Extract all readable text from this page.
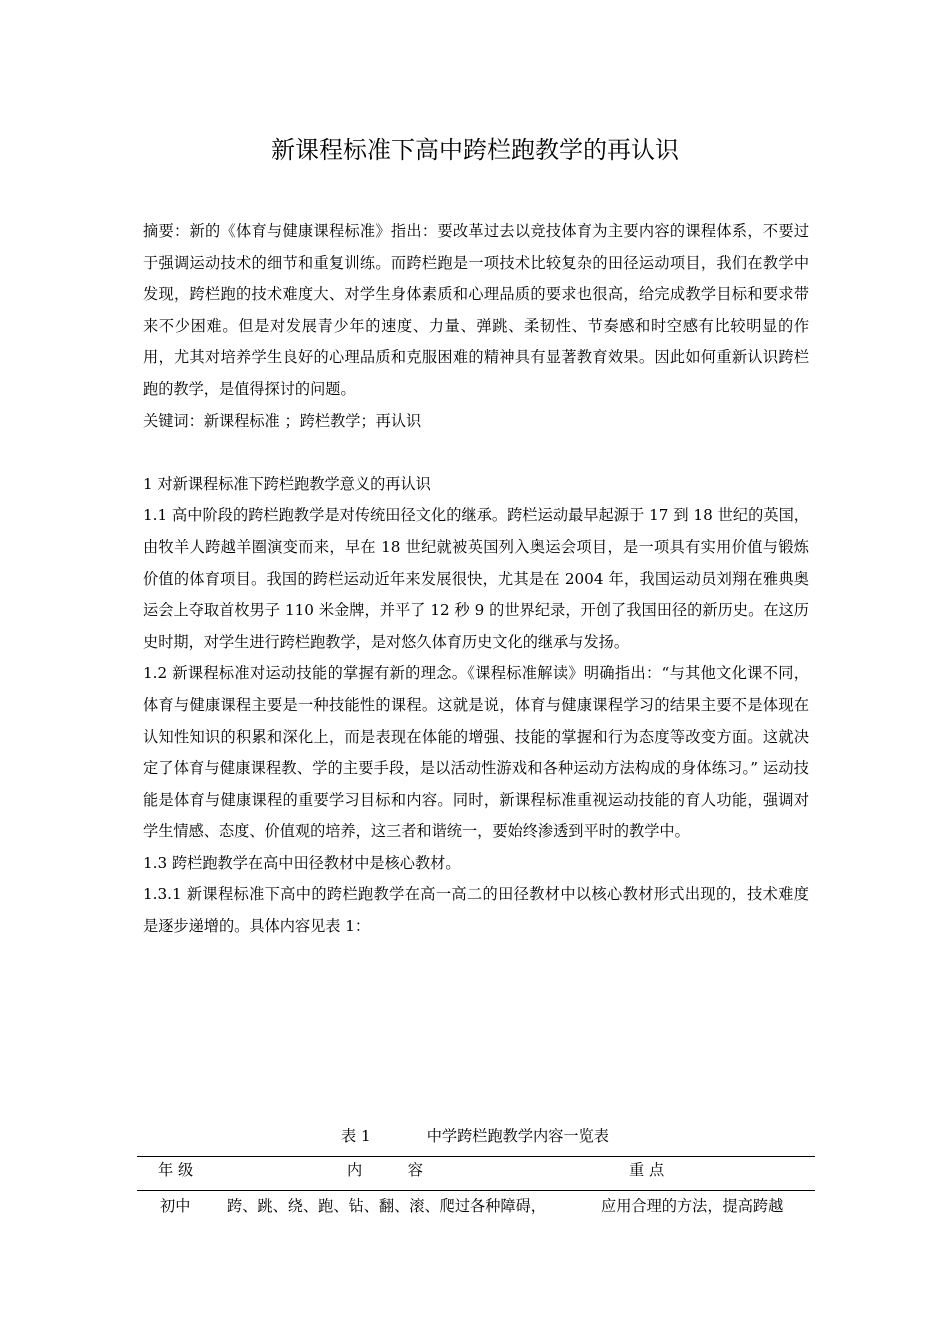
新课程标准下高中跨栏跑教学的再认识

摘要：新的《体育与健康课程标准》指出：要改革过去以竞技体育为主要内容的课程体系，不要过于强调运动技术的细节和重复训练。而跨栏跑是一项技术比较复杂的田径运动项目，我们在教学中发现，跨栏跑的技术难度大、对学生身体素质和心理品质的要求也很高，给完成教学目标和要求带来不少困难。但是对发展青少年的速度、力量、弹跳、柔韧性、节奏感和时空感有比较明显的作用，尤其对培养学生良好的心理品质和克服困难的精神具有显著教育效果。因此如何重新认识跨栏跑的教学，是值得探讨的问题。

关键词：新课程标准 ；跨栏教学；再认识

1 对新课程标准下跨栏跑教学意义的再认识

1.1 高中阶段的跨栏跑教学是对传统田径文化的继承。跨栏运动最早起源于 17 到 18 世纪的英国，由牧羊人跨越羊圈演变而来，早在 18 世纪就被英国列入奥运会项目，是一项具有实用价值与锻炼价值的体育项目。我国的跨栏运动近年来发展很快，尤其是在 2004 年，我国运动员刘翔在雅典奥运会上夺取首枚男子 110 米金牌，并平了 12 秒 9 的世界纪录，开创了我国田径的新历史。在这历史时期，对学生进行跨栏跑教学，是对悠久体育历史文化的继承与发扬。

1.2 新课程标准对运动技能的掌握有新的理念。《课程标准解读》明确指出：“与其他文化课不同，体育与健康课程主要是一种技能性的课程。这就是说，体育与健康课程学习的结果主要不是体现在认知性知识的积累和深化上，而是表现在体能的增强、技能的掌握和行为态度等改变方面。这就决定了体育与健康课程教、学的主要手段，是以活动性游戏和各种运动方法构成的身体练习。” 运动技能是体育与健康课程的重要学习目标和内容。同时，新课程标准重视运动技能的育人功能，强调对学生情感、态度、价值观的培养，这三者和谐统一，要始终渗透到平时的教学中。

1.3 跨栏跑教学在高中田径教材中是核心教材。

1.3.1 新课程标准下高中的跨栏跑教学在高一高二的田径教材中以核心教材形式出现的，技术难度是逐步递增的。具体内容见表 1：

表 1	中学跨栏跑教学内容一览表
年 级	内　　　容	重 点
初中 跨、跳、绕、跑、钻、翻、滚、爬过各种障碍，	应用合理的方法，提高跨越
